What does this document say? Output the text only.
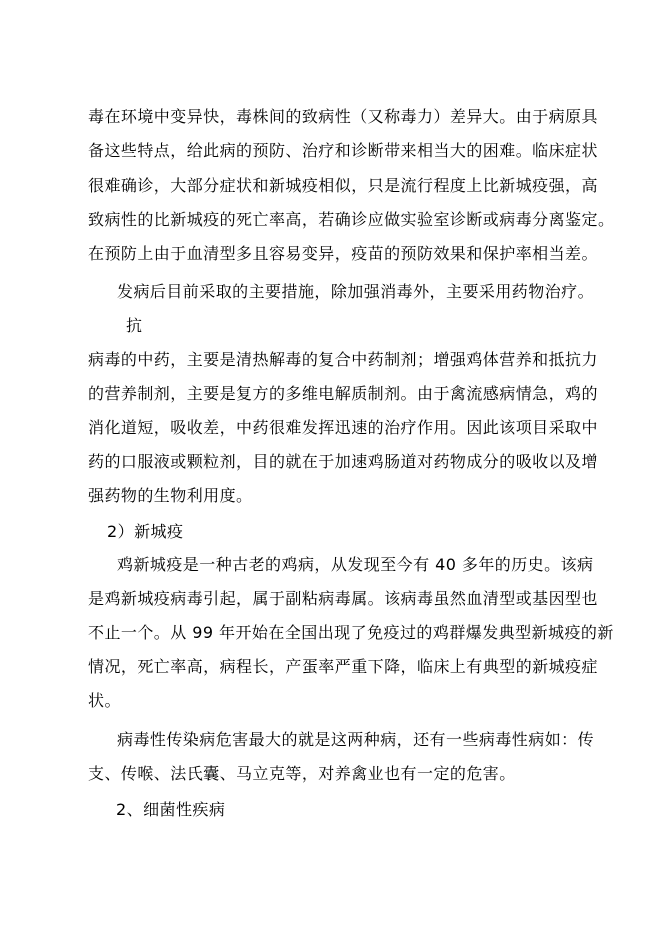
毒在环境中变异快，毒株间的致病性（又称毒力）差异大。由于病原具
备这些特点，给此病的预防、治疗和诊断带来相当大的困难。临床症状
很难确诊，大部分症状和新城疫相似，只是流行程度上比新城疫强，高
致病性的比新城疫的死亡率高，若确诊应做实验室诊断或病毒分离鉴定。
在预防上由于血清型多且容易变异，疫苗的预防效果和保护率相当差。
发病后目前采取的主要措施，除加强消毒外，主要采用药物治疗。
抗
病毒的中药，主要是清热解毒的复合中药制剂；增强鸡体营养和抵抗力
的营养制剂，主要是复方的多维电解质制剂。由于禽流感病情急，鸡的
消化道短，吸收差，中药很难发挥迅速的治疗作用。因此该项目采取中
药的口服液或颗粒剂，目的就在于加速鸡肠道对药物成分的吸收以及增
强药物的生物利用度。
2）新城疫
鸡新城疫是一种古老的鸡病，从发现至今有 40 多年的历史。该病
是鸡新城疫病毒引起，属于副粘病毒属。该病毒虽然血清型或基因型也
不止一个。从 99 年开始在全国出现了免疫过的鸡群爆发典型新城疫的新
情况，死亡率高，病程长，产蛋率严重下降，临床上有典型的新城疫症
状。
病毒性传染病危害最大的就是这两种病，还有一些病毒性病如：传
支、传喉、法氏囊、马立克等，对养禽业也有一定的危害。
2、细菌性疾病
